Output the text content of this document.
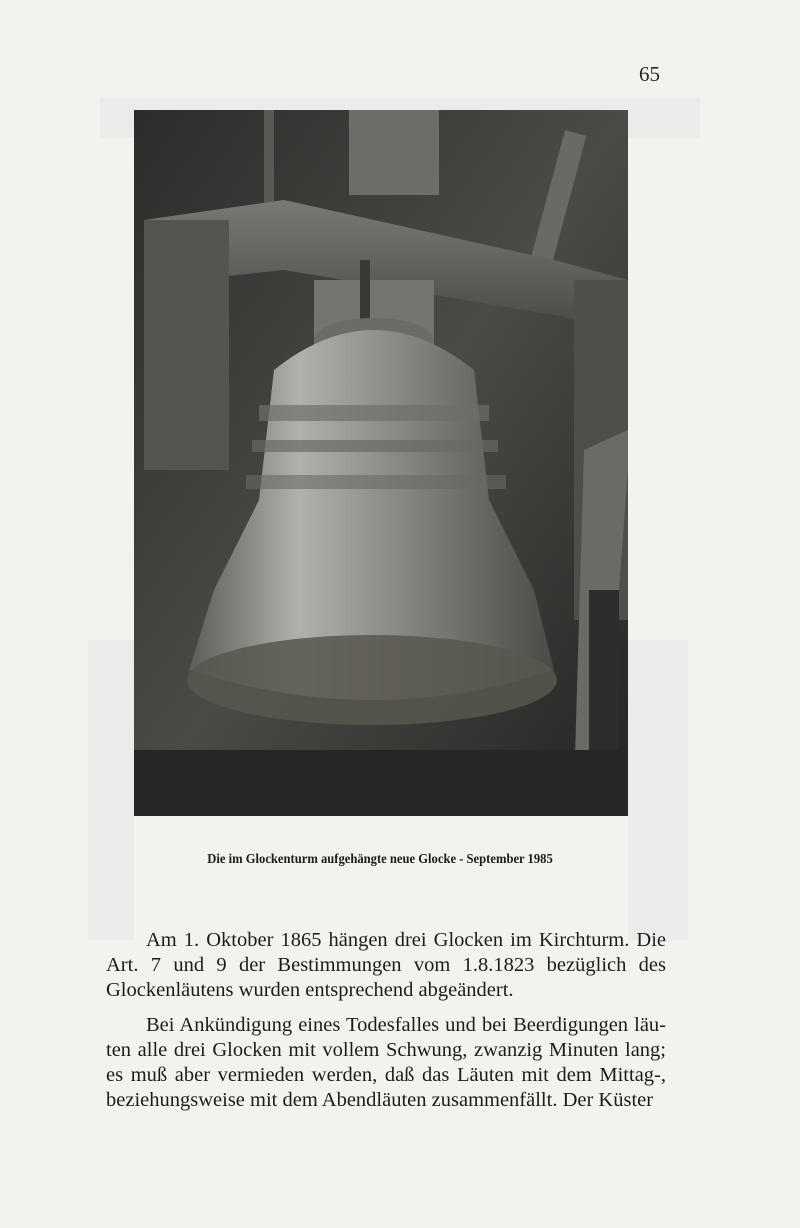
65
Die im Glockenturm aufgehängte neue Glocke - September 1985

Am 1. Oktober 1865 hängen drei Glocken im Kirchturm. Die Art. 7 und 9 der Bestimmungen vom 1.8.1823 bezüglich des Glockenläutens wurden entsprechend abgeändert.

Bei Ankündigung eines Todesfalles und bei Beerdigungen läuten alle drei Glocken mit vollem Schwung, zwanzig Minuten lang; es muß aber vermieden werden, daß das Läuten mit dem Mittag-, beziehungsweise mit dem Abendläuten zusammenfällt. Der Küster
